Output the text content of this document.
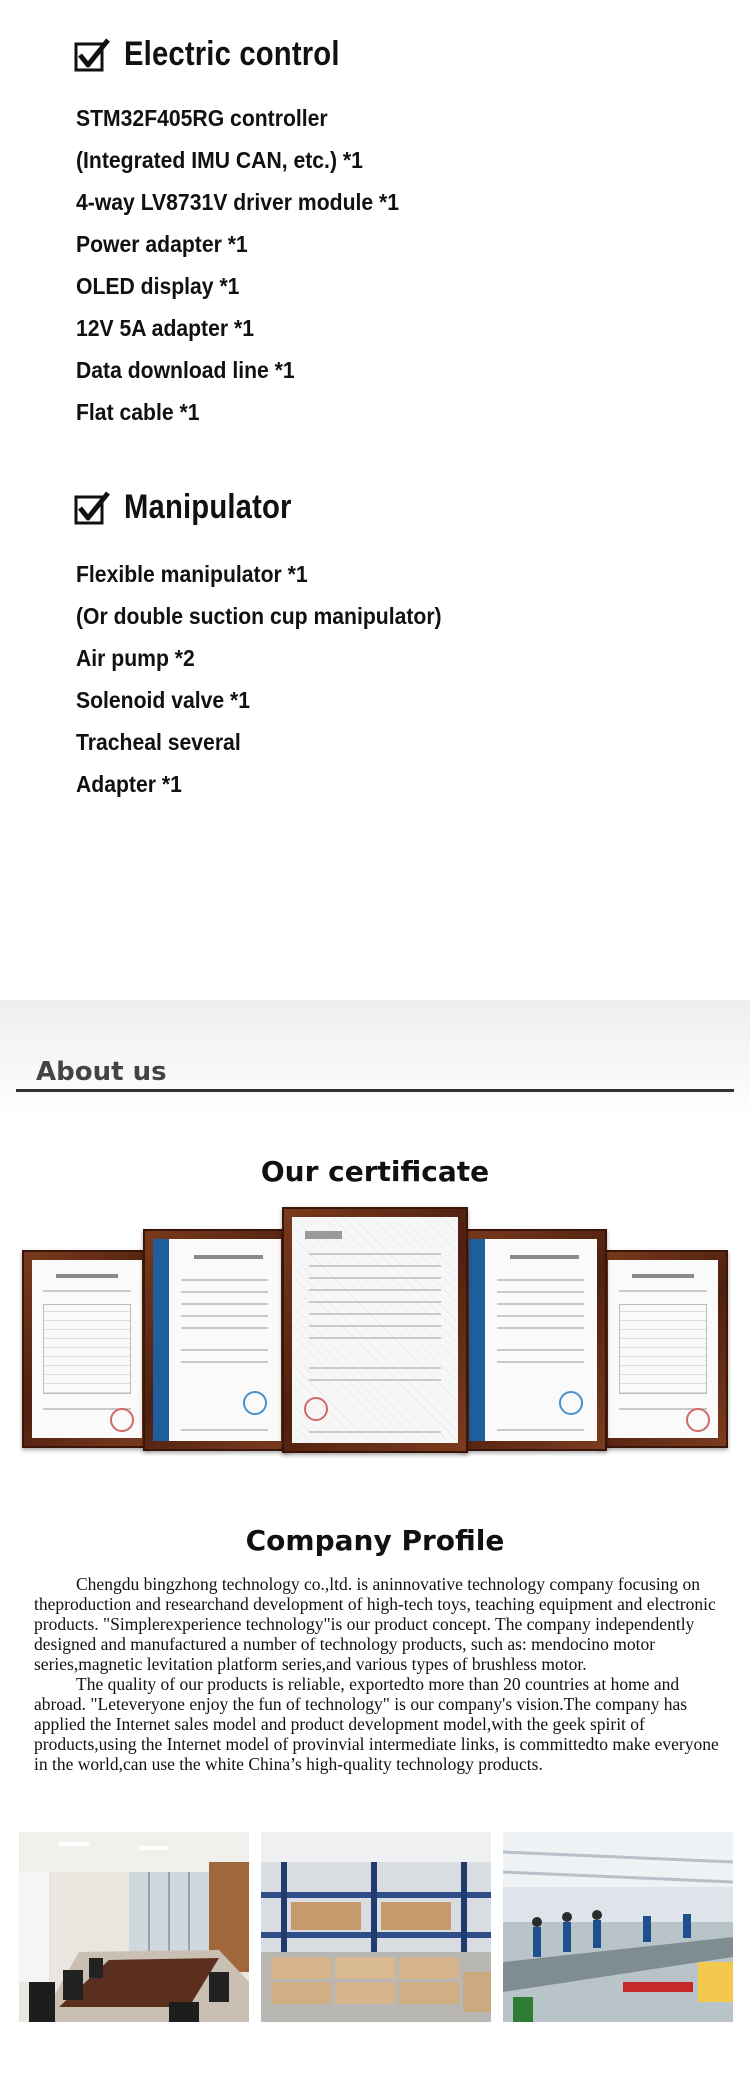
Electric control
STM32F405RG controller
(Integrated IMU CAN, etc.) *1
4-way LV8731V driver module *1
Power adapter *1
OLED display *1
12V 5A adapter *1
Data download line *1
Flat cable *1
Manipulator
Flexible manipulator *1
(Or double suction cup manipulator)
Air pump *2
Solenoid valve *1
Tracheal several
Adapter *1
About us
Our certificate
Company Profile

Chengdu bingzhong technology co.,ltd. is aninnovative technology company focusing on theproduction and researchand development of high-tech toys, teaching equipment and electronic products. "Simplerexperience technology"is our product concept. The company independently designed and manufactured a number of technology products, such as: mendocino motor series,magnetic levitation platform series,and various types of brushless motor.

The quality of our products is reliable, exportedto more than 20 countries at home and abroad. "Leteveryone enjoy the fun of technology" is our company's vision.The company has applied the Internet sales model and product development model,with the geek spirit of products,using the Internet model of provinvial intermediate links, is committedto make everyone in the world,can use the white China’s high-quality technology products.
